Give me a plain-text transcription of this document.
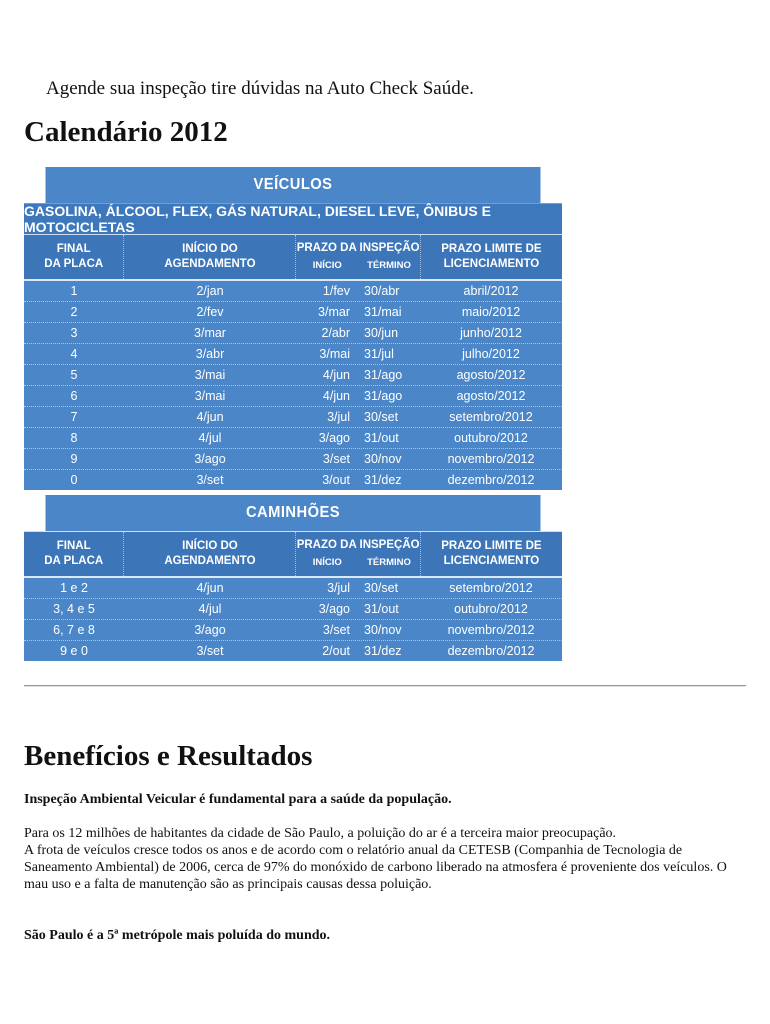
Agende sua inspeção tire dúvidas na Auto Check Saúde.

Calendário 2012
VEÍCULOS
GASOLINA, ÁLCOOL, FLEX, GÁS NATURAL, DIESEL LEVE, ÔNIBUS E MOTOCICLETAS
FINAL
DA PLACA
INÍCIO DO
AGENDAMENTO
PRAZO DA INSPEÇÃO
INÍCIO	TÉRMINO
PRAZO LIMITE DE
LICENCIAMENTO
1	2/jan	1/fev	30/abr	abril/2012
2	2/fev	3/mar	31/mai	maio/2012
3	3/mar	2/abr	30/jun	junho/2012
4	3/abr	3/mai	31/jul	julho/2012
5	3/mai	4/jun	31/ago	agosto/2012
6	3/mai	4/jun	31/ago	agosto/2012
7	4/jun	3/jul	30/set	setembro/2012
8	4/jul	3/ago	31/out	outubro/2012
9	3/ago	3/set	30/nov	novembro/2012
0	3/set	3/out	31/dez	dezembro/2012
CAMINHÕES
FINAL
DA PLACA
INÍCIO DO
AGENDAMENTO
PRAZO DA INSPEÇÃO
INÍCIO	TÉRMINO
PRAZO LIMITE DE
LICENCIAMENTO
1 e 2	4/jun	3/jul	30/set	setembro/2012
3, 4 e 5	4/jul	3/ago	31/out	outubro/2012
6, 7 e 8	3/ago	3/set	30/nov	novembro/2012
9 e 0	3/set	2/out	31/dez	dezembro/2012
Benefícios e Resultados

Inspeção Ambiental Veicular é fundamental para a saúde da população.

Para os 12 milhões de habitantes da cidade de São Paulo, a poluição do ar é a terceira maior preocupação.
A frota de veículos cresce todos os anos e de acordo com o relatório anual da CETESB (Companhia de Tecnologia de Saneamento Ambiental) de 2006, cerca de 97% do monóxido de carbono liberado na atmosfera é proveniente dos veículos. O mau uso e a falta de manutenção são as principais causas dessa poluição.

São Paulo é a 5ª metrópole mais poluída do mundo.
